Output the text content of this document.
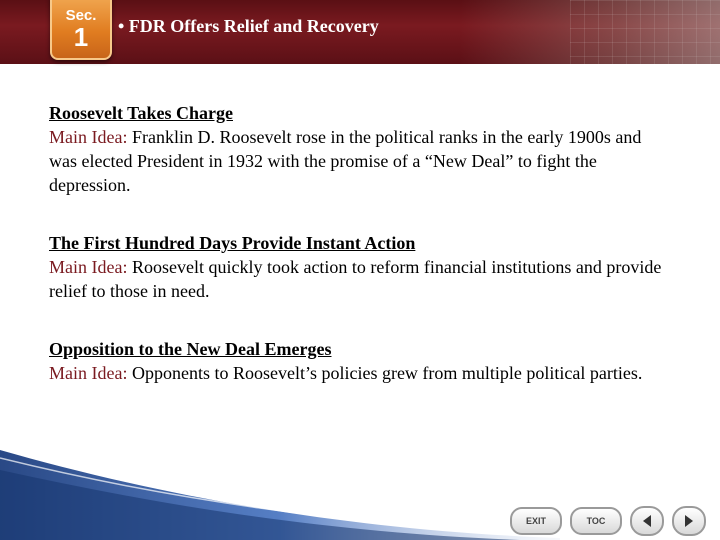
Sec.
1	• FDR Offers Relief and Recovery
Roosevelt Takes Charge
Main Idea: Franklin D. Roosevelt rose in the political ranks in the early 1900s and was elected President in 1932 with the promise of a “New Deal” to fight the depression.
The First Hundred Days Provide Instant Action
Main Idea: Roosevelt quickly took action to reform financial institutions and provide relief to those in need.
Opposition to the New Deal Emerges
Main Idea: Opponents to Roosevelt’s policies grew from multiple political parties.
EXIT	TOC
